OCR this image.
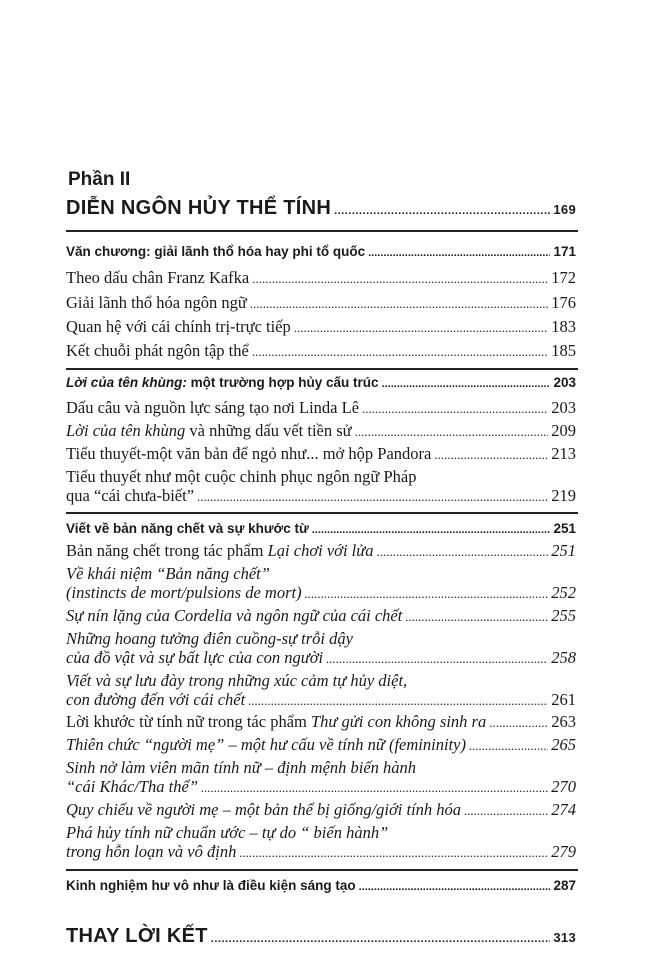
Phần II
DIỄN NGÔN HỦY THỂ TÍNH .....	169
Văn chương: giải lãnh thổ hóa hay phi tổ quốc .....	171
Theo dấu chân Franz Kafka .....	172
Giải lãnh thổ hóa ngôn ngữ .....	176
Quan hệ với cái chính trị-trực tiếp .....	183
Kết chuỗi phát ngôn tập thể .....	185
Lời của tên khùng: một trường hợp hủy cấu trúc .....	203
Dấu câu và nguồn lực sáng tạo nơi Linda Lê .....	203
Lời của tên khùng và những dấu vết tiền sử .....	209
Tiểu thuyết-một văn bản để ngỏ như... mở hộp Pandora .....	213
Tiểu thuyết như một cuộc chinh phục ngôn ngữ Pháp
qua “cái chưa-biết” .....	219
Viết về bản năng chết và sự khước từ .....	251
Bản năng chết trong tác phẩm Lại chơi với lửa .....	251
Về khái niệm “Bản năng chết”
(instincts de mort/pulsions de mort) .....	252
Sự nín lặng của Cordelia và ngôn ngữ của cái chết .....	255
Những hoang tưởng điên cuồng-sự trỗi dậy
của đồ vật và sự bất lực của con người .....	258
Viết và sự lưu đày trong những xúc cảm tự hủy diệt,
con đường đến với cái chết .....	261
Lời khước từ tính nữ trong tác phẩm Thư gửi con không sinh ra .....	263
Thiên chức “người mẹ” – một hư cấu về tính nữ (femininity) .....	265
Sinh nở làm viên mãn tính nữ – định mệnh biến hành
“cái Khác/Tha thể” .....	270
Quy chiếu về người mẹ – một bản thể bị giống/giới tính hóa .....	274
Phá hủy tính nữ chuẩn ước – tự do “ biến hành”
trong hỗn loạn và vô định .....	279
Kinh nghiệm hư vô như là điều kiện sáng tạo .....	287
THAY LỜI KẾT .....	313
